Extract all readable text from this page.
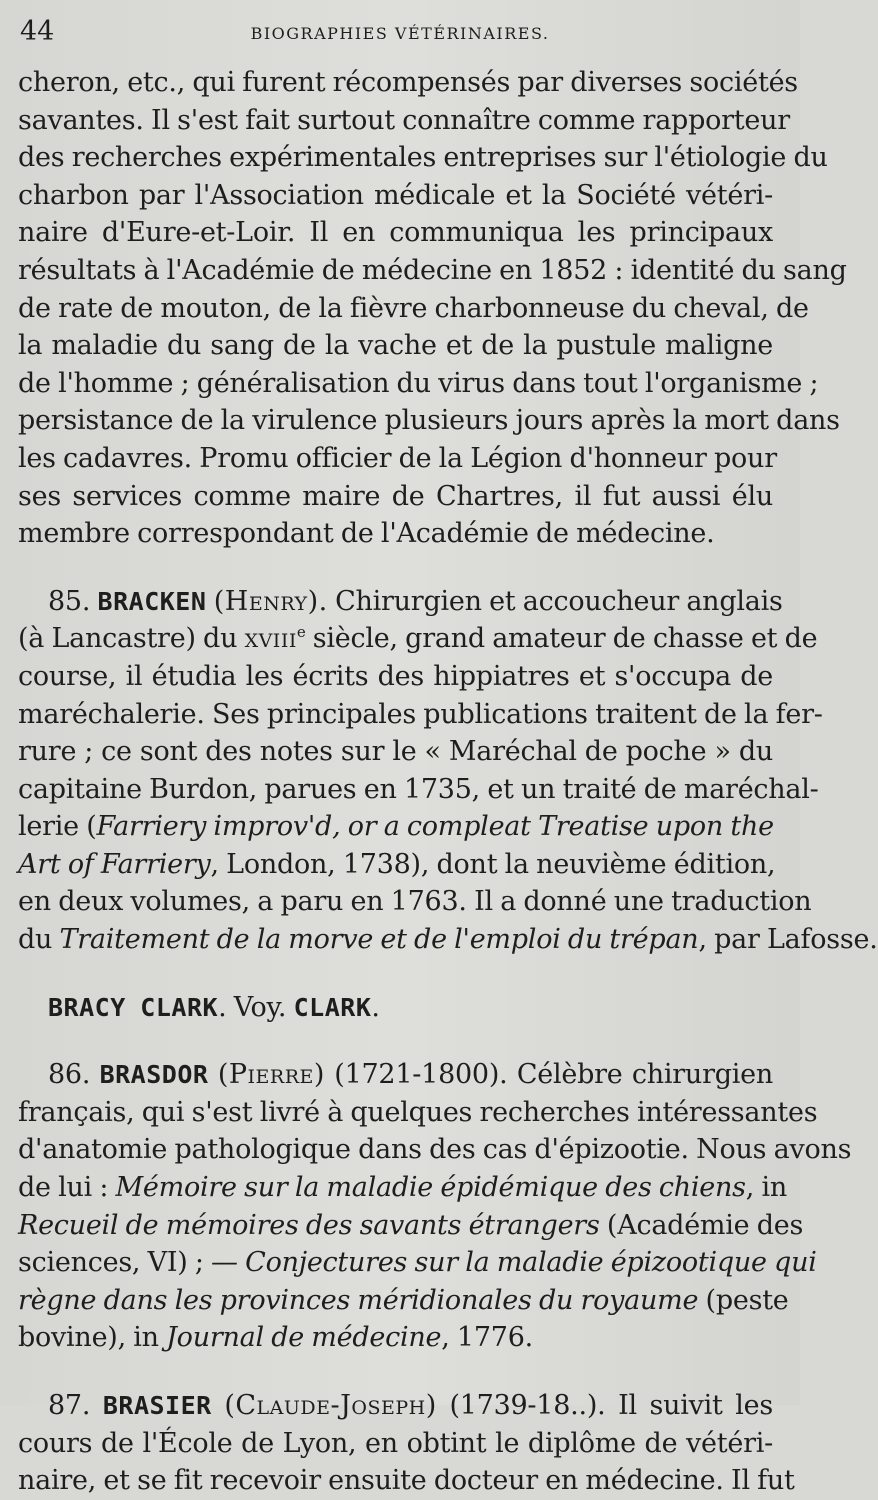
44	BIOGRAPHIES VÉTÉRINAIRES.
cheron, etc., qui furent récompensés par diverses sociétés
savantes. Il s'est fait surtout connaître comme rapporteur
des recherches expérimentales entreprises sur l'étiologie du
charbon par l'Association médicale et la Société vétéri-
naire d'Eure-et-Loir. Il en communiqua les principaux
résultats à l'Académie de médecine en 1852 : identité du sang
de rate de mouton, de la fièvre charbonneuse du cheval, de
la maladie du sang de la vache et de la pustule maligne
de l'homme ; généralisation du virus dans tout l'organisme ;
persistance de la virulence plusieurs jours après la mort dans
les cadavres. Promu officier de la Légion d'honneur pour
ses services comme maire de Chartres, il fut aussi élu
membre correspondant de l'Académie de médecine.
85. BRACKEN (Henry). Chirurgien et accoucheur anglais
(à Lancastre) du xviii$^e$ siècle, grand amateur de chasse et de
course, il étudia les écrits des hippiatres et s'occupa de
maréchalerie. Ses principales publications traitent de la fer-
rure ; ce sont des notes sur le « Maréchal de poche » du
capitaine Burdon, parues en 1735, et un traité de maréchal-
lerie (Farriery improv'd, or a compleat Treatise upon the
Art of Farriery, London, 1738), dont la neuvième édition,
en deux volumes, a paru en 1763. Il a donné une traduction
du Traitement de la morve et de l'emploi du trépan, par Lafosse.
BRACY CLARK. Voy. CLARK.
86. BRASDOR (Pierre) (1721-1800). Célèbre chirurgien
français, qui s'est livré à quelques recherches intéressantes
d'anatomie pathologique dans des cas d'épizootie. Nous avons
de lui : Mémoire sur la maladie épidémique des chiens, in
Recueil de mémoires des savants étrangers (Académie des
sciences, VI) ; — Conjectures sur la maladie épizootique qui
règne dans les provinces méridionales du royaume (peste
bovine), in Journal de médecine, 1776.
87. BRASIER (Claude-Joseph) (1739-18..). Il suivit les
cours de l'École de Lyon, en obtint le diplôme de vétéri-
naire, et se fit recevoir ensuite docteur en médecine. Il fut
